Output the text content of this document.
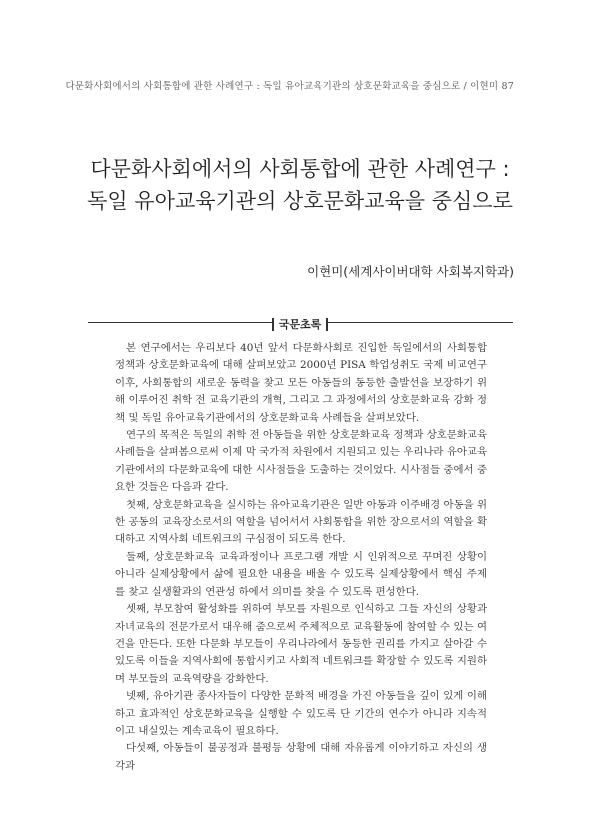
다문화사회에서의 사회통합에 관한 사례연구 : 독일 유아교육기관의 상호문화교육을 중심으로 / 이현미 87
다문화사회에서의 사회통합에 관한 사례연구 :
독일 유아교육기관의 상호문화교육을 중심으로
이현미(세계사이버대학 사회복지학과)
국문초록

본 연구에서는 우리보다 40년 앞서 다문화사회로 진입한 독일에서의 사회통합 정책과 상호문화교육에 대해 살펴보았고 2000년 PISA 학업성취도 국제 비교연구 이후, 사회통합의 새로운 동력을 찾고 모든 아동들의 동등한 출발선을 보장하기 위해 이루어진 취학 전 교육기관의 개혁, 그리고 그 과정에서의 상호문화교육 강화 정책 및 독일 유아교육기관에서의 상호문화교육 사례들을 살펴보았다.

연구의 목적은 독일의 취학 전 아동들을 위한 상호문화교육 정책과 상호문화교육 사례들을 살펴봄으로써 이제 막 국가적 차원에서 지원되고 있는 우리나라 유아교육기관에서의 다문화교육에 대한 시사점들을 도출하는 것이었다. 시사점들 중에서 중요한 것들은 다음과 같다.

첫째, 상호문화교육을 실시하는 유아교육기관은 일반 아동과 이주배경 아동을 위한 공동의 교육장소로서의 역할을 넘어서서 사회통합을 위한 장으로서의 역할을 확대하고 지역사회 네트워크의 구심점이 되도록 한다.

둘째, 상호문화교육 교육과정이나 프로그램 개발 시 인위적으로 꾸며진 상황이 아니라 실제상황에서 삶에 필요한 내용을 배울 수 있도록 실제상황에서 핵심 주제를 찾고 실생활과의 연관성 하에서 의미를 찾을 수 있도록 편성한다.

셋째, 부모참여 활성화를 위하여 부모를 자원으로 인식하고 그들 자신의 상황과 자녀교육의 전문가로서 대우해 줌으로써 주체적으로 교육활동에 참여할 수 있는 여건을 만든다. 또한 다문화 부모들이 우리나라에서 동등한 권리를 가지고 살아갈 수 있도록 이들을 지역사회에 통합시키고 사회적 네트워크를 확장할 수 있도록 지원하며 부모들의 교육역량을 강화한다.

넷째, 유아기관 종사자들이 다양한 문화적 배경을 가진 아동들을 깊이 있게 이해하고 효과적인 상호문화교육을 실행할 수 있도록 단 기간의 연수가 아니라 지속적이고 내실있는 계속교육이 필요하다.

다섯째, 아동들이 불공정과 불평등 상황에 대해 자유롭게 이야기하고 자신의 생각과
